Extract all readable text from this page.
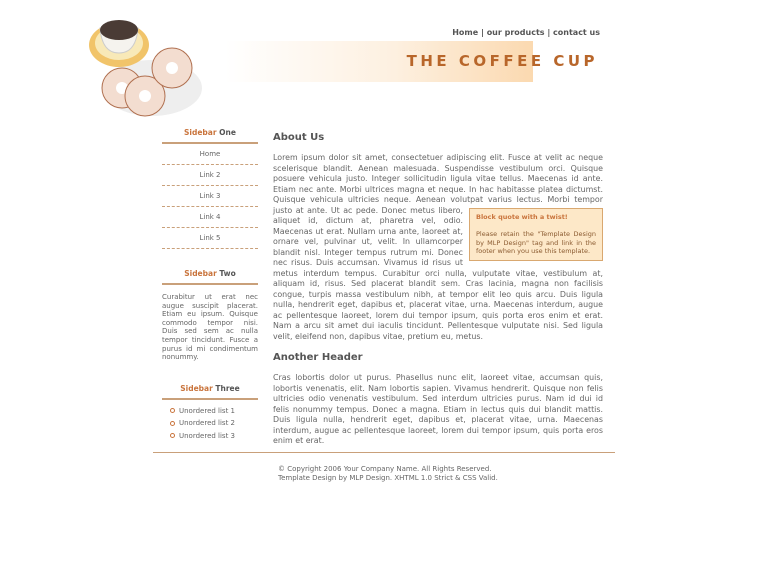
Home | our products | contact us
THE COFFEE CUP
Sidebar One
Home
Link 2
Link 3
Link 4
Link 5
Sidebar Two
Curabitur ut erat nec augue suscipit placerat. Etiam eu ipsum. Quisque commodo tempor nisi. Duis sed sem ac nulla tempor tincidunt. Fusce a purus id mi condimentum nonummy.
Sidebar Three
Unordered list 1
Unordered list 2
Unordered list 3
About Us

Lorem ipsum dolor sit amet, consectetuer adipiscing elit. Fusce at velit ac neque scelerisque blandit. Aenean malesuada. Suspendisse vestibulum orci. Quisque posuere vehicula justo. Integer sollicitudin ligula vitae tellus. Maecenas id ante. Etiam nec ante. Morbi ultrices magna et neque. In hac habitasse platea dictumst. Quisque vehicula ultricies neque. Aenean volutpat varius lectus. Morbi tempor
Block quote with a twist!
Please retain the "Template Design by MLP Design" tag and link in the footer when you use this template.
justo at ante. Ut ac pede. Donec metus libero, aliquet id, dictum at, pharetra vel, odio. Maecenas ut erat. Nullam urna ante, laoreet at, ornare vel, pulvinar ut, velit. In ullamcorper blandit nisl. Integer tempus rutrum mi. Donec nec risus. Duis accumsan. Vivamus id risus ut metus interdum tempus. Curabitur orci nulla, vulputate vitae, vestibulum at, aliquam id, risus. Sed placerat blandit sem. Cras lacinia, magna non facilisis congue, turpis massa vestibulum nibh, at tempor elit leo quis arcu. Duis ligula nulla, hendrerit eget, dapibus et, placerat vitae, urna. Maecenas interdum, augue ac pellentesque laoreet, lorem dui tempor ipsum, quis porta eros enim et erat. Nam a arcu sit amet dui iaculis tincidunt. Pellentesque vulputate nisi. Sed ligula velit, eleifend non, dapibus vitae, pretium eu, metus.

Another Header

Cras lobortis dolor ut purus. Phasellus nunc elit, laoreet vitae, accumsan quis, lobortis venenatis, elit. Nam lobortis sapien. Vivamus hendrerit. Quisque non felis ultricies odio venenatis vestibulum. Sed interdum ultricies purus. Nam id dui id felis nonummy tempus. Donec a magna. Etiam in lectus quis dui blandit mattis. Duis ligula nulla, hendrerit eget, dapibus et, placerat vitae, urna. Maecenas interdum, augue ac pellentesque laoreet, lorem dui tempor ipsum, quis porta eros enim et erat.

© Copyright 2006 Your Company Name. All Rights Reserved.
Template Design by MLP Design. XHTML 1.0 Strict & CSS Valid.
